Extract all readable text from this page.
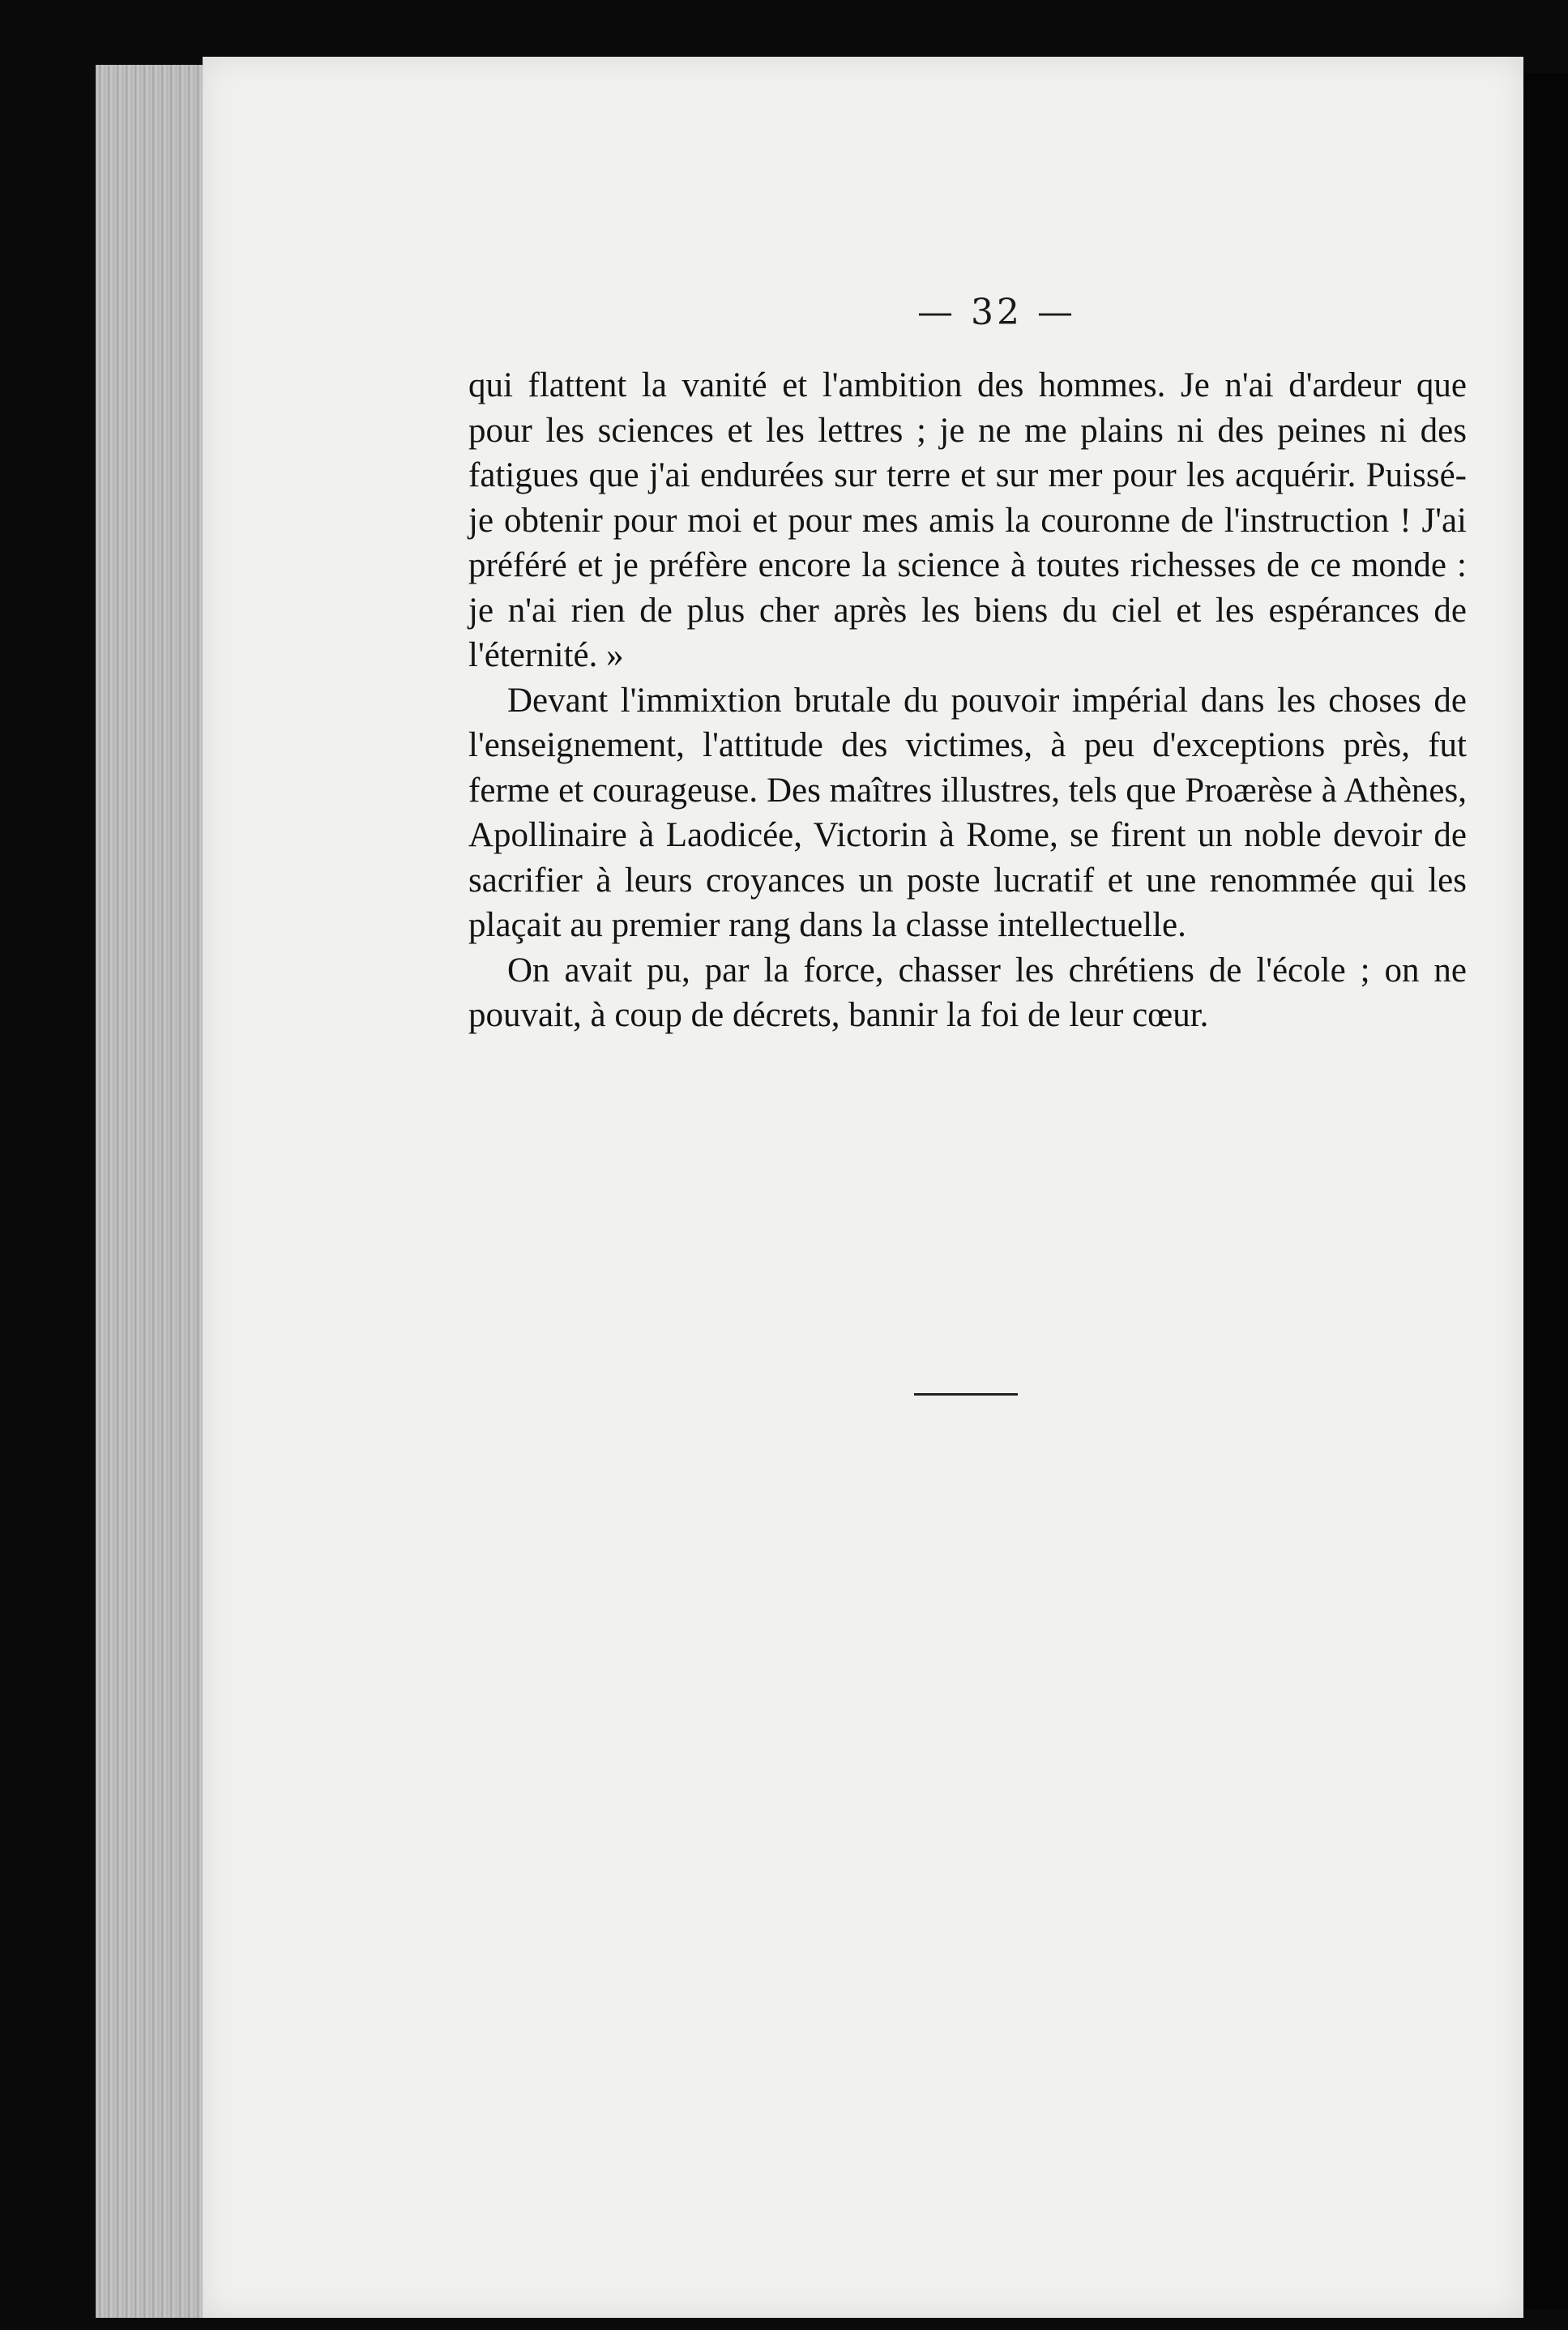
— 32 —

qui flattent la vanité et l'ambition des hommes. Je n'ai d'ardeur que pour les sciences et les lettres ; je ne me plains ni des peines ni des fatigues que j'ai endurées sur terre et sur mer pour les acquérir. Puissé-je obtenir pour moi et pour mes amis la couronne de l'instruction ! J'ai préféré et je préfère encore la science à toutes richesses de ce monde : je n'ai rien de plus cher après les biens du ciel et les espérances de l'éternité. »

Devant l'immixtion brutale du pouvoir impérial dans les choses de l'enseignement, l'attitude des victimes, à peu d'exceptions près, fut ferme et courageuse. Des maîtres illustres, tels que Proærèse à Athènes, Apollinaire à Laodicée, Victorin à Rome, se firent un noble devoir de sacrifier à leurs croyances un poste lucratif et une renommée qui les plaçait au premier rang dans la classe intellectuelle.

On avait pu, par la force, chasser les chrétiens de l'école ; on ne pouvait, à coup de décrets, bannir la foi de leur cœur.
